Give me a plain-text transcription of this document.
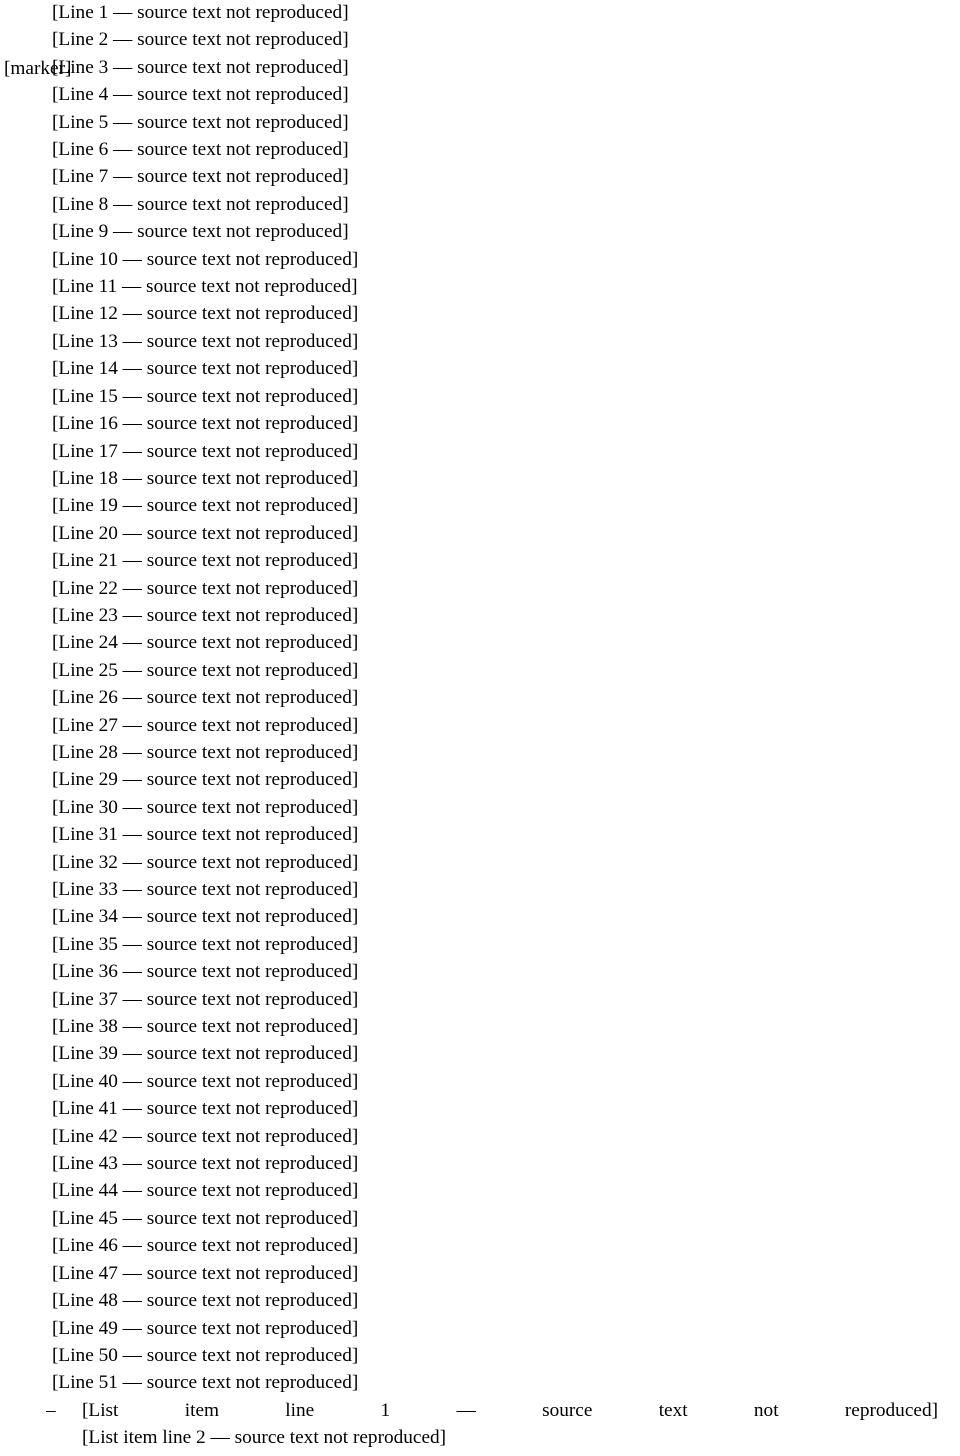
[marker]
[Line 1 — source text not reproduced]
[Line 2 — source text not reproduced]
[Line 3 — source text not reproduced]
[Line 4 — source text not reproduced]
[Line 5 — source text not reproduced]
[Line 6 — source text not reproduced]
[Line 7 — source text not reproduced]
[Line 8 — source text not reproduced]
[Line 9 — source text not reproduced]
[Line 10 — source text not reproduced]
[Line 11 — source text not reproduced]
[Line 12 — source text not reproduced]
[Line 13 — source text not reproduced]
[Line 14 — source text not reproduced]
[Line 15 — source text not reproduced]
[Line 16 — source text not reproduced]
[Line 17 — source text not reproduced]
[Line 18 — source text not reproduced]
[Line 19 — source text not reproduced]
[Line 20 — source text not reproduced]
[Line 21 — source text not reproduced]
[Line 22 — source text not reproduced]
[Line 23 — source text not reproduced]
[Line 24 — source text not reproduced]
[Line 25 — source text not reproduced]
[Line 26 — source text not reproduced]
[Line 27 — source text not reproduced]
[Line 28 — source text not reproduced]
[Line 29 — source text not reproduced]
[Line 30 — source text not reproduced]
[Line 31 — source text not reproduced]
[Line 32 — source text not reproduced]
[Line 33 — source text not reproduced]
[Line 34 — source text not reproduced]
[Line 35 — source text not reproduced]
[Line 36 — source text not reproduced]
[Line 37 — source text not reproduced]
[Line 38 — source text not reproduced]
[Line 39 — source text not reproduced]
[Line 40 — source text not reproduced]
[Line 41 — source text not reproduced]
[Line 42 — source text not reproduced]
[Line 43 — source text not reproduced]
[Line 44 — source text not reproduced]
[Line 45 — source text not reproduced]
[Line 46 — source text not reproduced]
[Line 47 — source text not reproduced]
[Line 48 — source text not reproduced]
[Line 49 — source text not reproduced]
[Line 50 — source text not reproduced]
[Line 51 — source text not reproduced]
– [List item line 1 — source text not reproduced]
[List item line 2 — source text not reproduced]
